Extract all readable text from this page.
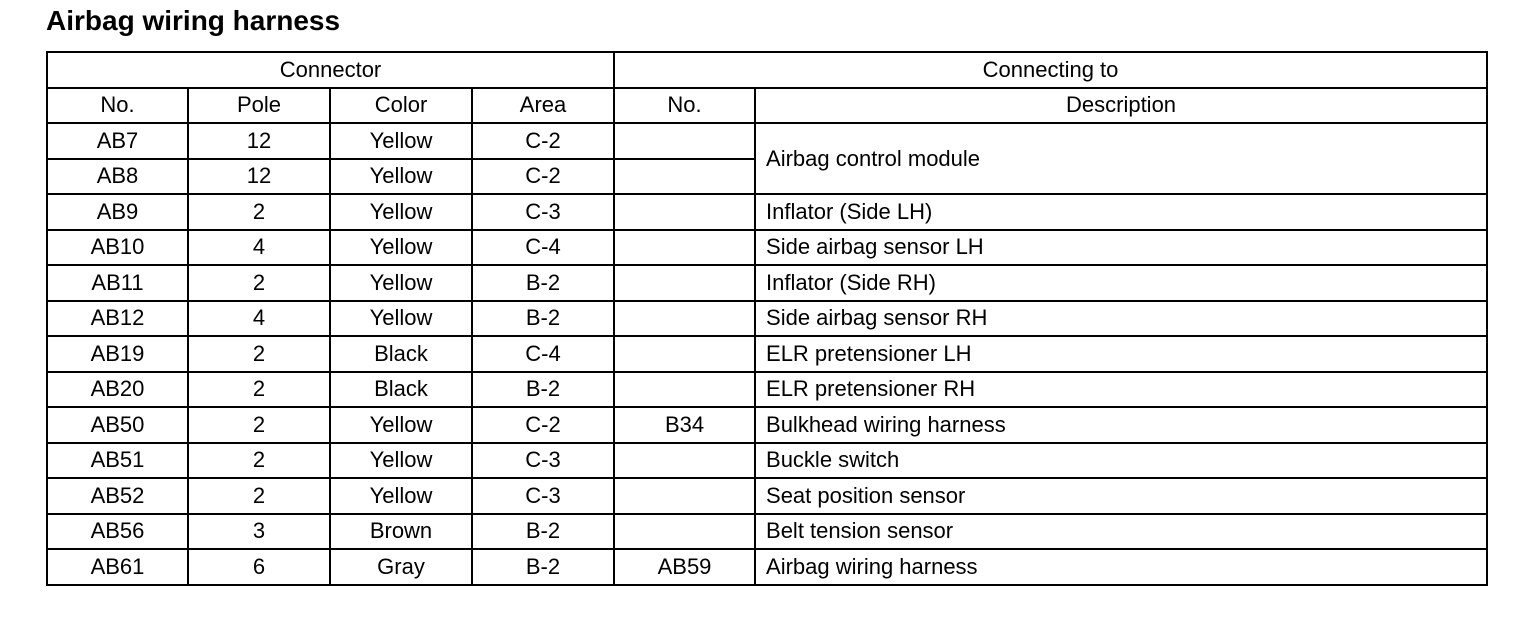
Airbag wiring harness
Connector				Connecting to	
No.	Pole	Color	Area	No.	Description
AB7	12	Yellow	C-2		Airbag control module
AB8	12	Yellow	C-2		
AB9	2	Yellow	C-3		Inflator (Side LH)
AB10	4	Yellow	C-4		Side airbag sensor LH
AB11	2	Yellow	B-2		Inflator (Side RH)
AB12	4	Yellow	B-2		Side airbag sensor RH
AB19	2	Black	C-4		ELR pretensioner LH
AB20	2	Black	B-2		ELR pretensioner RH
AB50	2	Yellow	C-2	B34	Bulkhead wiring harness
AB51	2	Yellow	C-3		Buckle switch
AB52	2	Yellow	C-3		Seat position sensor
AB56	3	Brown	B-2		Belt tension sensor
AB61	6	Gray	B-2	AB59	Airbag wiring harness
